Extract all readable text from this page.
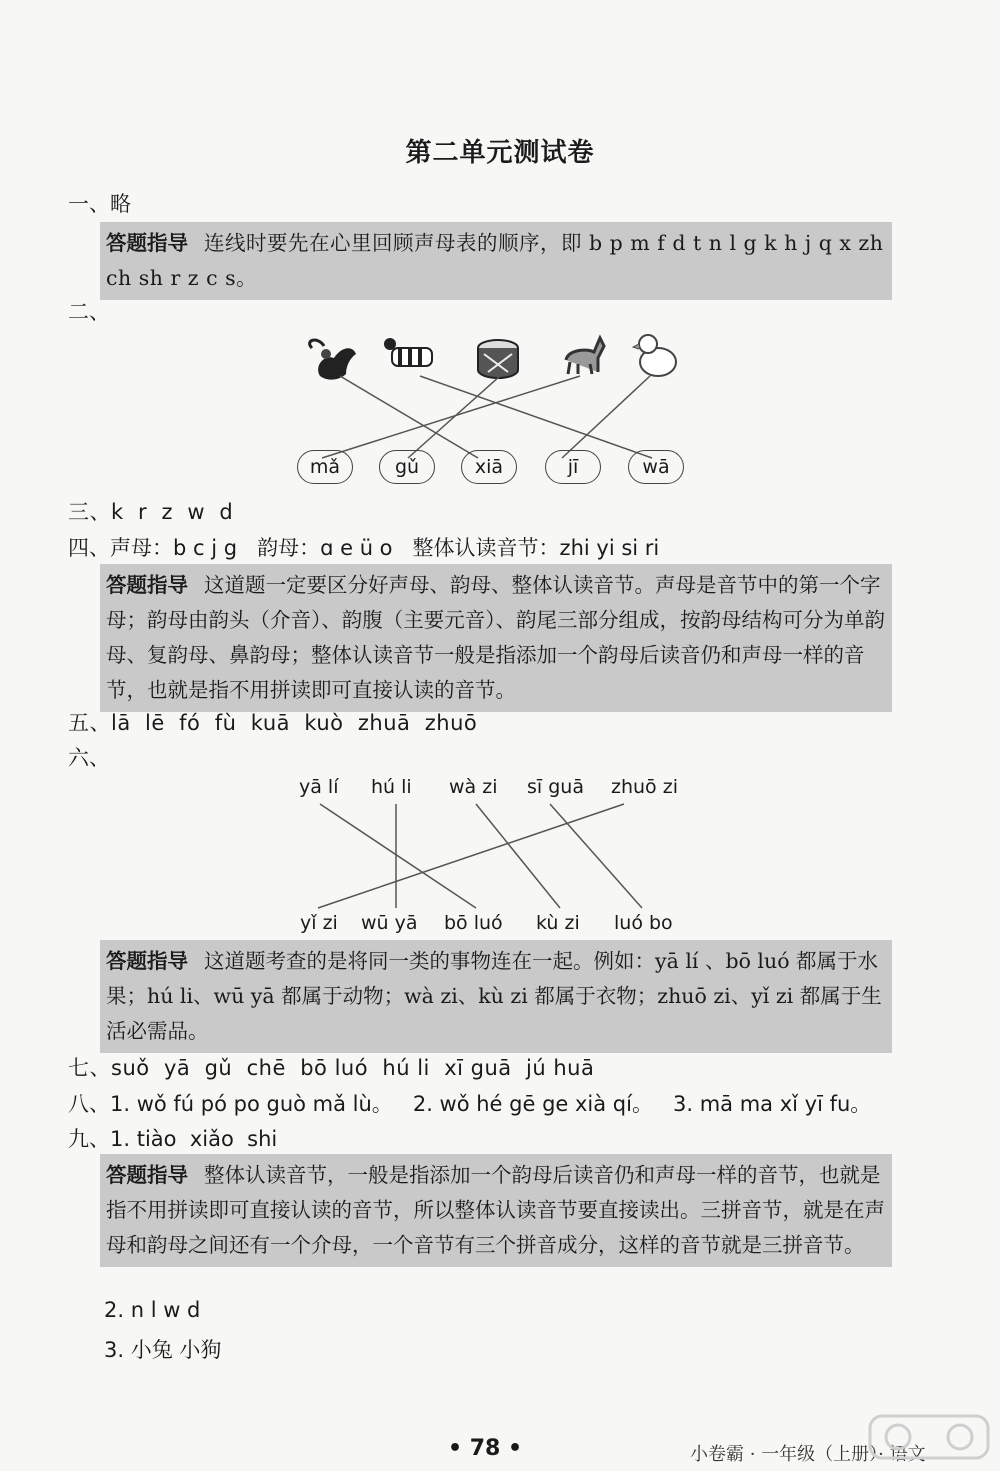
第二单元测试卷
一、略
答题指导 连线时要先在心里回顾声母表的顺序，即 b p m f d t n l g k h j q x zh ch sh r z c s。
二、
mǎ	gǔ	xiā	jī	wā
三、k  r  z  w  d
四、声母：b c j g   韵母：ɑ e ü o   整体认读音节：zhi yi si ri
答题指导 这道题一定要区分好声母、韵母、整体认读音节。声母是音节中的第一个字母；韵母由韵头（介音）、韵腹（主要元音）、韵尾三部分组成，按韵母结构可分为单韵母、复韵母、鼻韵母；整体认读音节一般是指添加一个韵母后读音仍和声母一样的音节，也就是指不用拼读即可直接认读的音节。
五、lā  lē  fó  fù  kuā  kuò  zhuā  zhuō
六、
yā lí hú li wà zi sī guā zhuō zi
yǐ zi wū yā bō luó kù zi luó bo
答题指导 这道题考查的是将同一类的事物连在一起。例如：yā lí 、bō luó 都属于水果；hú li、wū yā 都属于动物；wà zi、kù zi 都属于衣物；zhuō zi、yǐ zi 都属于生活必需品。
七、suǒ  yā  gǔ  chē  bō luó  hú li  xī guā  jú huā
八、1. wǒ fú pó po guò mǎ lù。   2. wǒ hé gē ge xià qí。   3. mā ma xǐ yī fu。
九、1. tiào  xiǎo  shi
答题指导 整体认读音节，一般是指添加一个韵母后读音仍和声母一样的音节，也就是指不用拼读即可直接认读的音节，所以整体认读音节要直接读出。三拼音节，就是在声母和韵母之间还有一个介母，一个音节有三个拼音成分，这样的音节就是三拼音节。
2. n l w d
3. 小兔 小狗
• 78 •	小卷霸 · 一年级（上册）· 语文
